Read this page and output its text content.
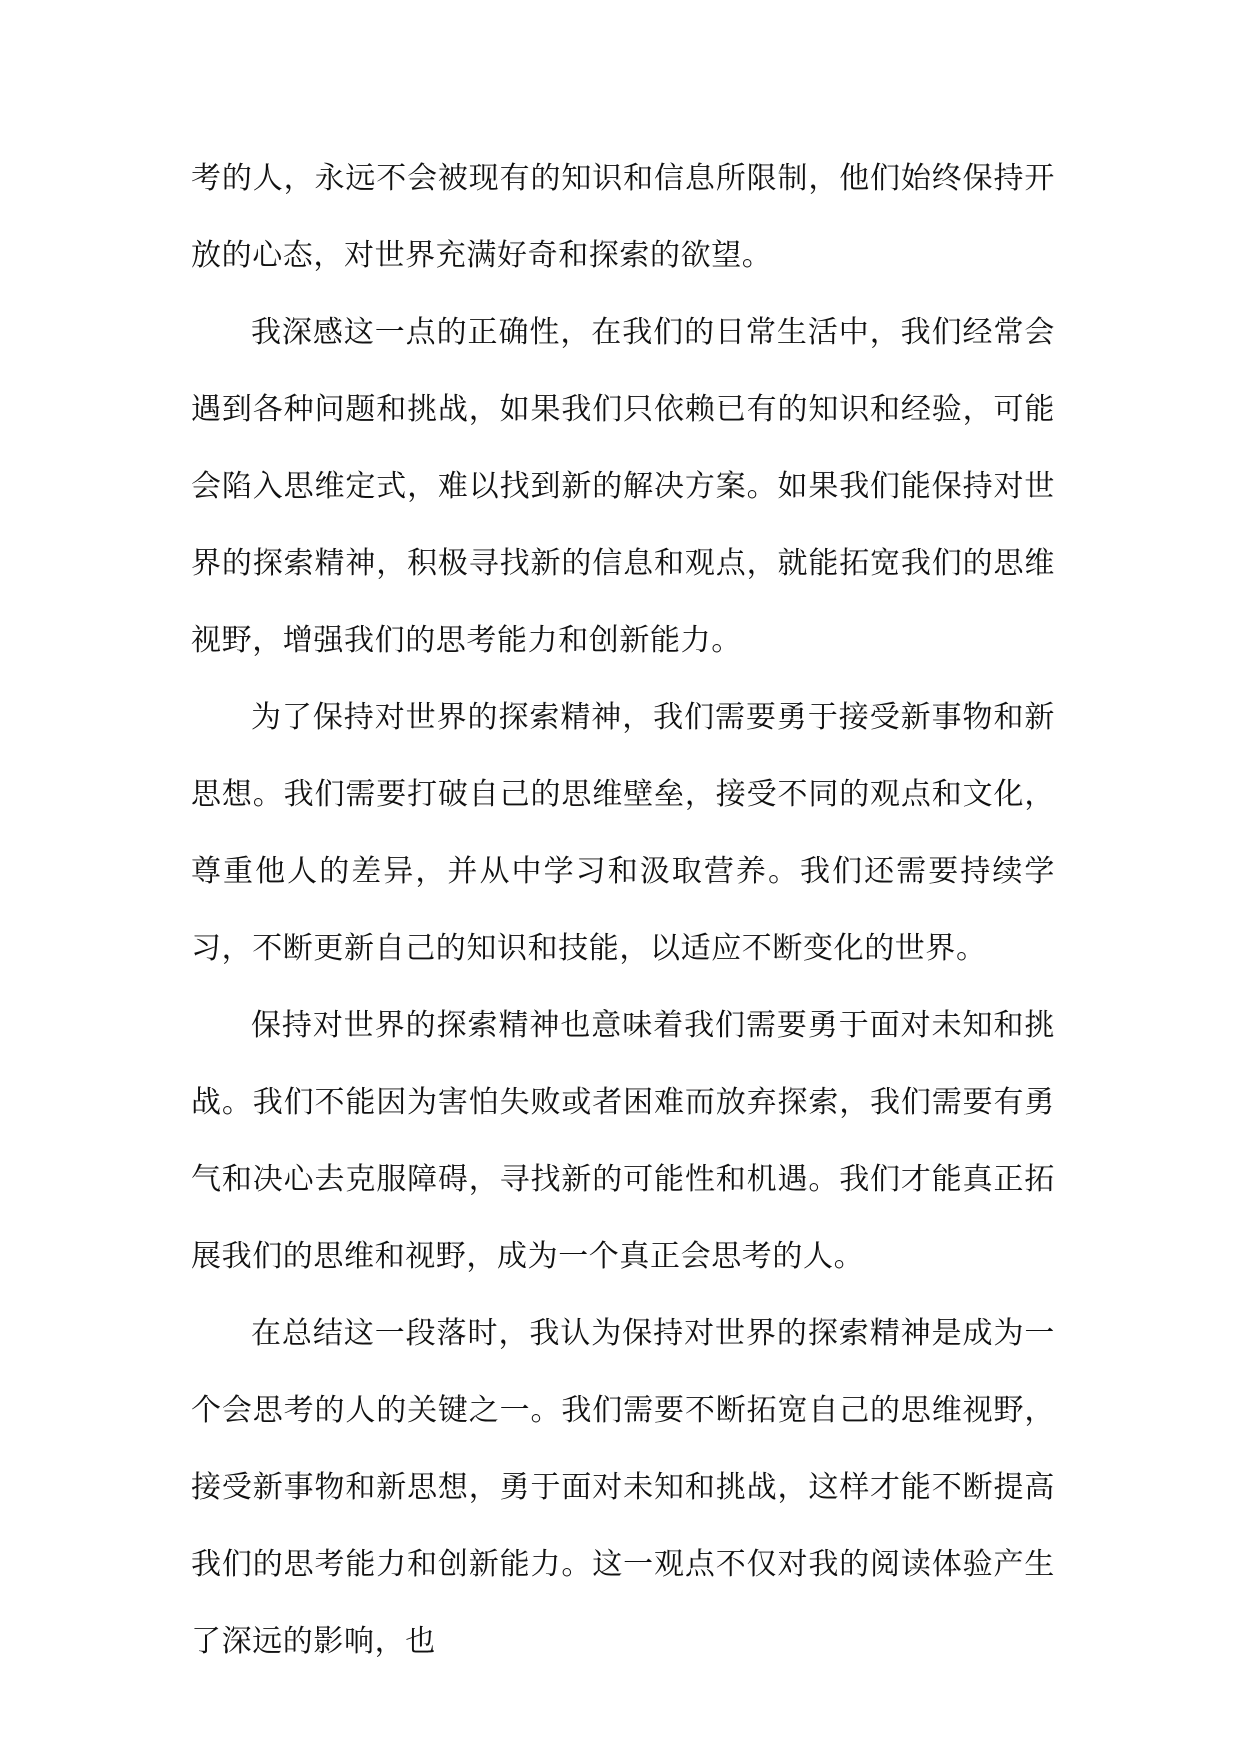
考的人，永远不会被现有的知识和信息所限制，他们始终保持开放的心态，对世界充满好奇和探索的欲望。

我深感这一点的正确性，在我们的日常生活中，我们经常会遇到各种问题和挑战，如果我们只依赖已有的知识和经验，可能会陷入思维定式，难以找到新的解决方案。如果我们能保持对世界的探索精神，积极寻找新的信息和观点，就能拓宽我们的思维视野，增强我们的思考能力和创新能力。

为了保持对世界的探索精神，我们需要勇于接受新事物和新思想。我们需要打破自己的思维壁垒，接受不同的观点和文化，尊重他人的差异，并从中学习和汲取营养。我们还需要持续学习，不断更新自己的知识和技能，以适应不断变化的世界。

保持对世界的探索精神也意味着我们需要勇于面对未知和挑战。我们不能因为害怕失败或者困难而放弃探索，我们需要有勇气和决心去克服障碍，寻找新的可能性和机遇。我们才能真正拓展我们的思维和视野，成为一个真正会思考的人。

在总结这一段落时，我认为保持对世界的探索精神是成为一个会思考的人的关键之一。我们需要不断拓宽自己的思维视野，接受新事物和新思想，勇于面对未知和挑战，这样才能不断提高我们的思考能力和创新能力。这一观点不仅对我的阅读体验产生了深远的影响，也
